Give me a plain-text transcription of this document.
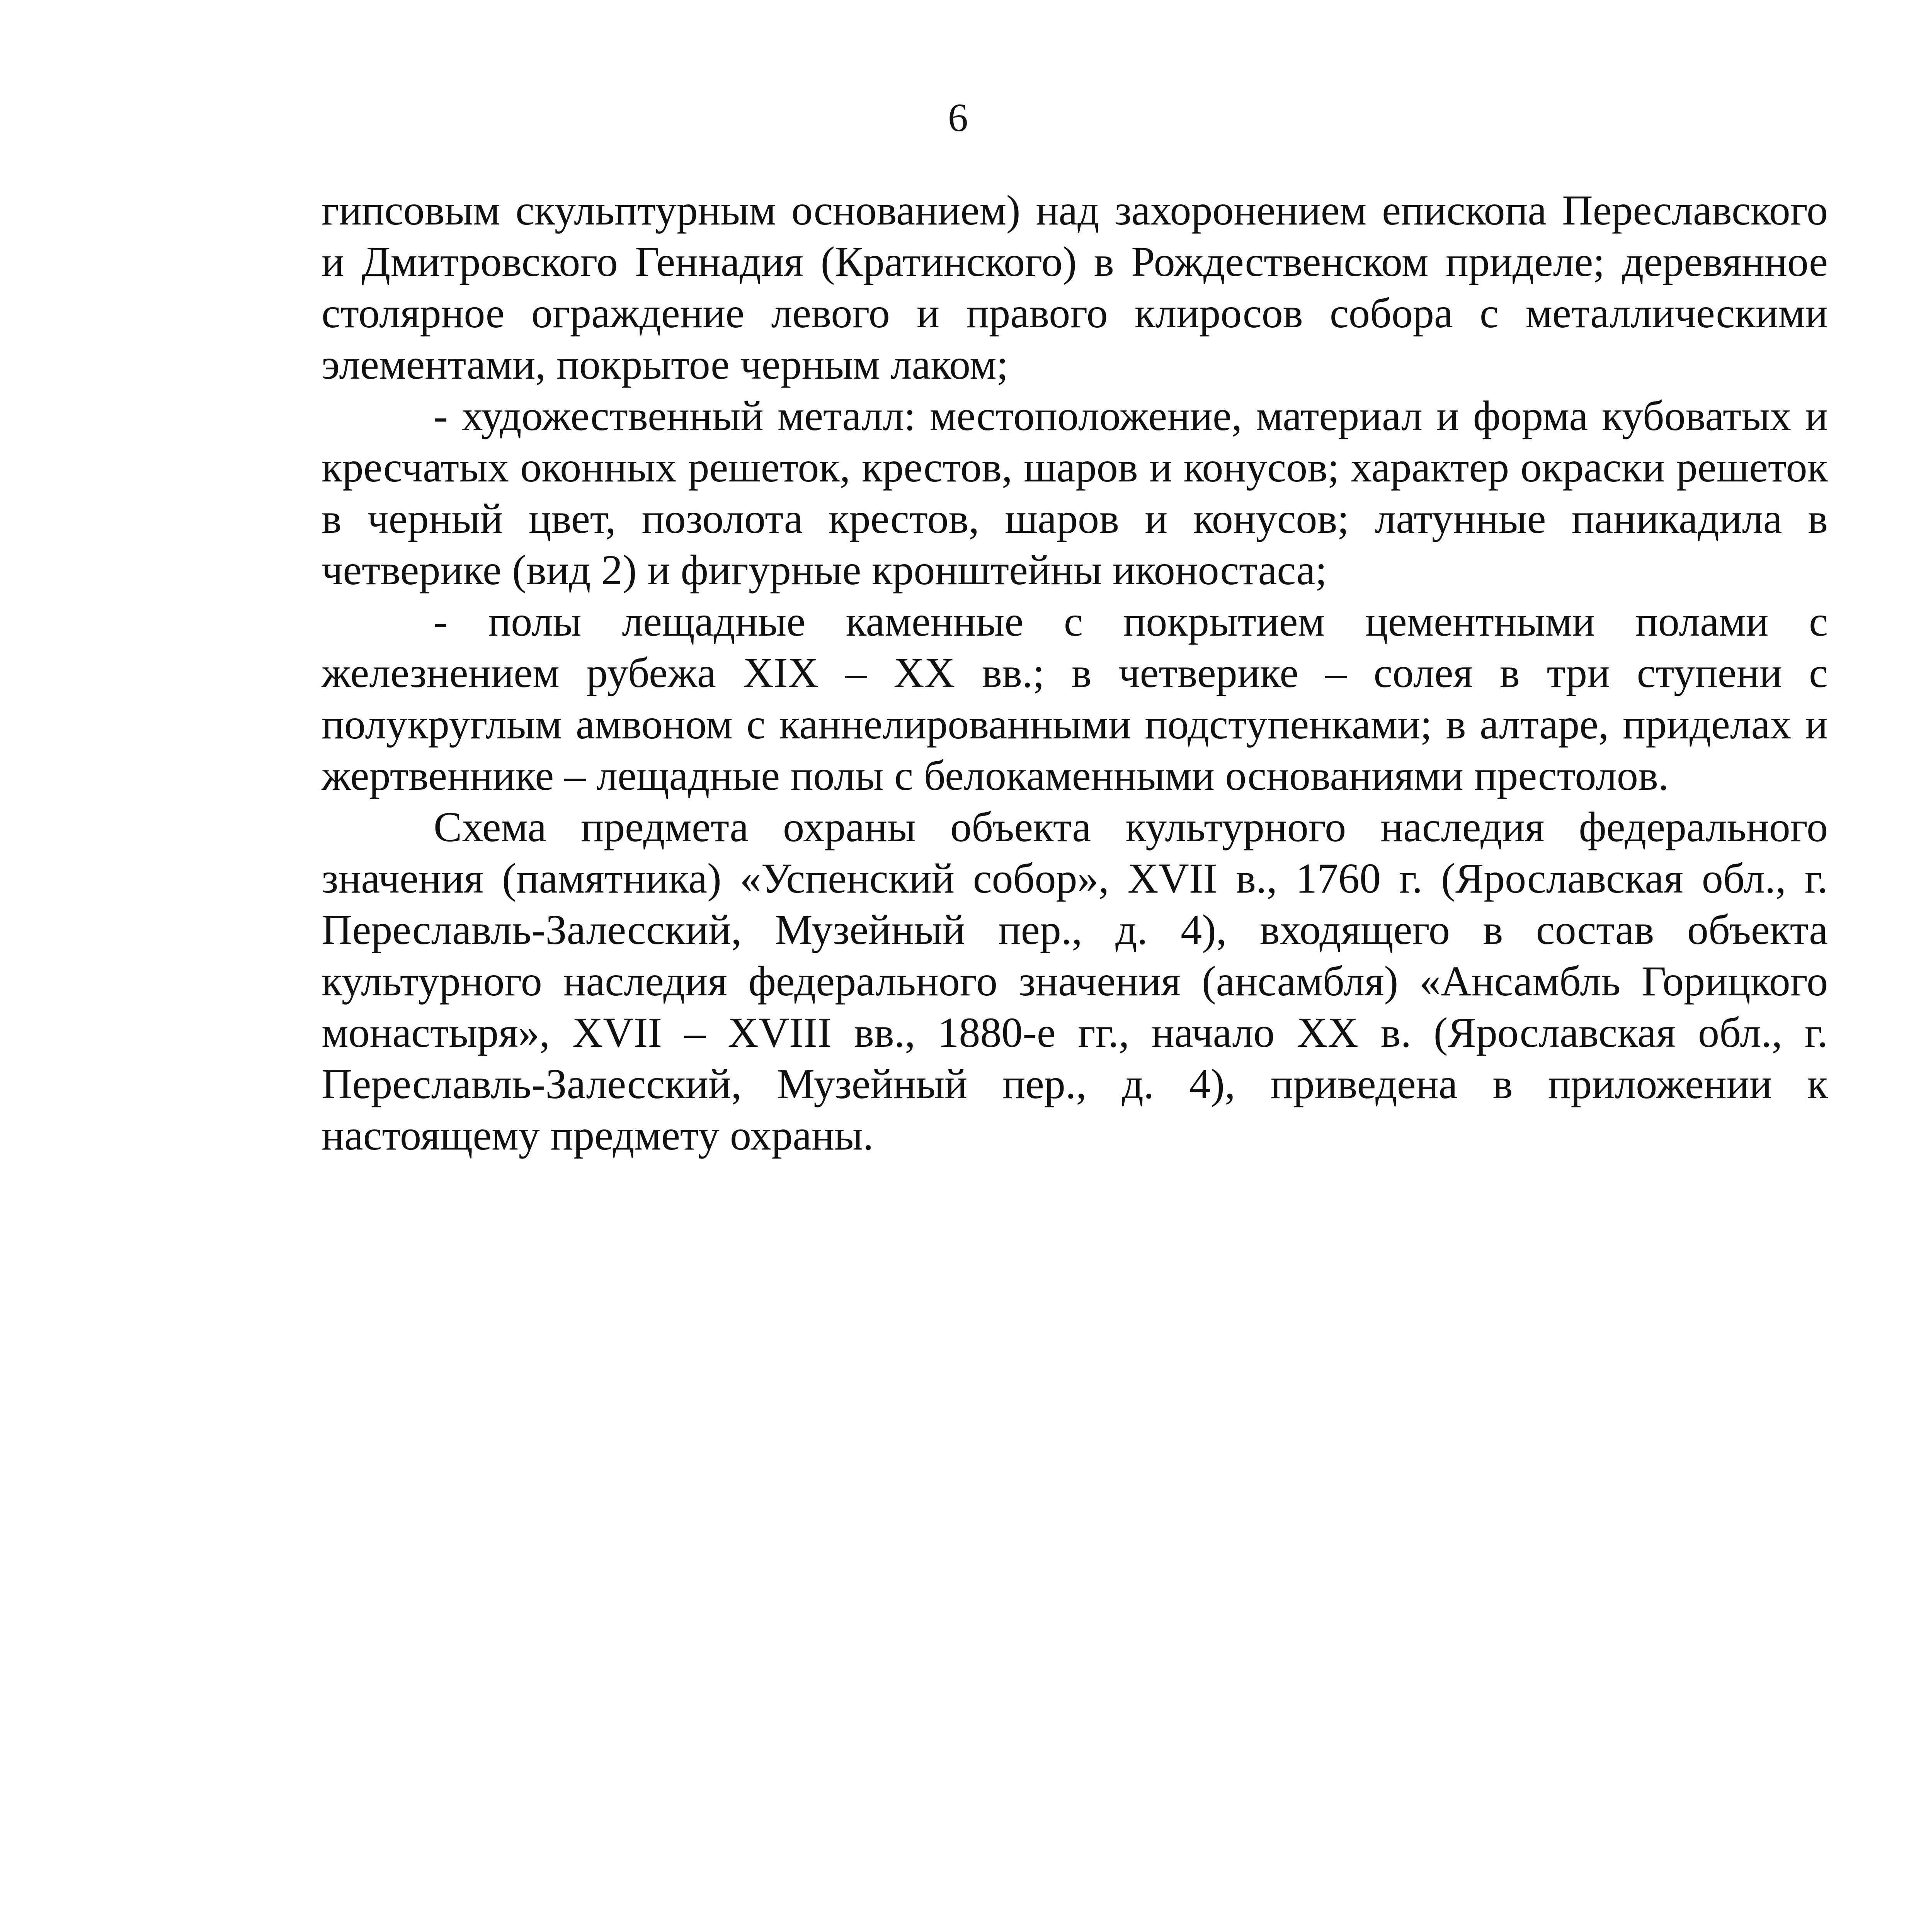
6

гипсовым скульптурным основанием) над захоронением епископа Переславского и Дмитровского Геннадия (Кратинского) в Рождественском приделе; деревянное столярное ограждение левого и правого клиросов собора с металлическими элементами, покрытое черным лаком;

- художественный металл: местоположение, материал и форма кубоватых и кресчатых оконных решеток, крестов, шаров и конусов; характер окраски решеток в черный цвет, позолота крестов, шаров и конусов; латунные паникадила в четверике (вид 2) и фигурные кронштейны иконостаса;

- полы лещадные каменные с покрытием цементными полами с железнением рубежа XIX – XX вв.; в четверике – солея в три ступени с полукруглым амвоном с каннелированными подступенками; в алтаре, приделах и жертвеннике – лещадные полы с белокаменными основаниями престолов.

Схема предмета охраны объекта культурного наследия федерального значения (памятника) «Успенский собор», XVII в., 1760 г. (Ярославская обл., г. Переславль-Залесский, Музейный пер., д. 4), входящего в состав объекта культурного наследия федерального значения (ансамбля) «Ансамбль Горицкого монастыря», XVII – XVIII вв., 1880-е гг., начало XX в. (Ярославская обл., г. Переславль-Залесский, Музейный пер., д. 4), приведена в приложении к настоящему предмету охраны.
